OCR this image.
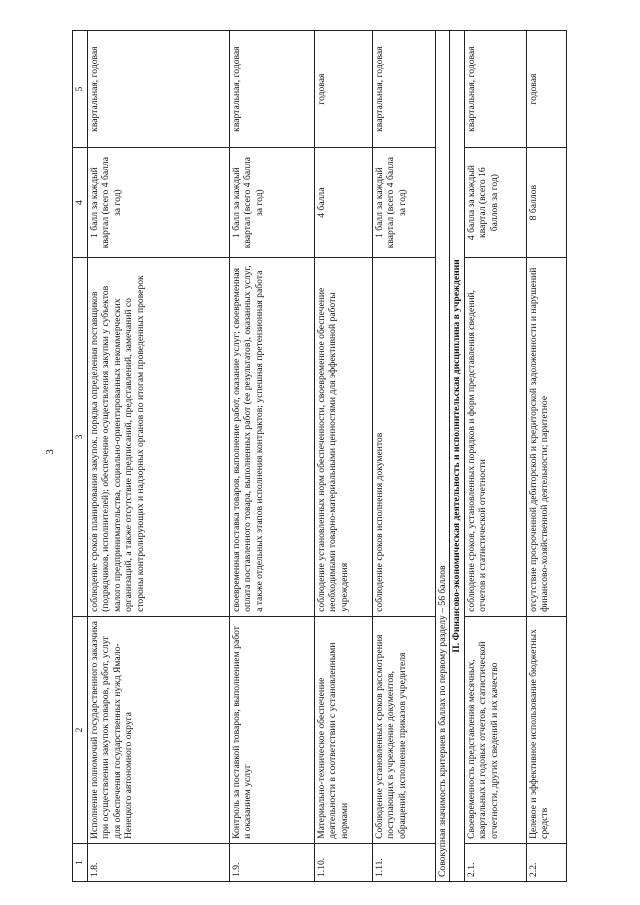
3
1	2	3	4	5
1.8.	Исполнение полномочий государственного заказчика при осуществлении закупок товаров, работ, услуг для обеспечения государственных нужд Ямало-Ненецкого автономного округа	соблюдение сроков планирования закупок, порядка определения поставщиков (подрядчиков, исполнителей); обеспечение осуществления закупки у субъектов малого предпринимательства, социально-ориентированных некоммерческих организаций, а также отсутствие предписаний, представлений, замечаний со стороны контролирующих и надзорных органов по итогам проведенных проверок	1 балл за каждый квартал (всего 4 балла за год)	квартальная, годовая
1.9.	Контроль за поставкой товаров, выполнением работ и оказанием услуг	своевременная поставка товаров, выполнение работ, оказание услуг; своевременная оплата поставленного товара, выполненных работ (ее результатов), оказанных услуг, а также отдельных этапов исполнения контрактов; успешная претензионная работа	1 балл за каждый квартал (всего 4 балла за год)	квартальная, годовая
1.10.	Материально-техническое обеспечение деятельности в соответствии с установленными нормами	соблюдение установленных норм обеспеченности, своевременное обеспечение необходимыми товарно-материальными ценностями для эффективной работы учреждения	4 балла	годовая
1.11.	Соблюдение установленных сроков рассмотрения поступающих в учреждение документов, обращений, исполнение приказов учредителя	соблюдение сроков исполнения документов	1 балл за каждый квартал (всего 4 балла за год)	квартальная, годовая
Совокупная значимость критериев в баллах по первому разделу – 56 баллов				
II. Финансово-экономическая деятельность и исполнительская дисциплина в учреждении				
2.1.	Своевременность представления месячных, квартальных и годовых отчетов, статистической отчетности, других сведений и их качество	соблюдение сроков, установленных порядков и форм представления сведений, отчетов и статистической отчетности	4 балла за каждый квартал (всего 16 баллов за год)	квартальная, годовая
2.2.	Целевое и эффективное использование бюджетных средств	отсутствие просроченной дебиторской и кредиторской задолженности и нарушений финансово-хозяйственной деятельности; паритетное	8 баллов	годовая
